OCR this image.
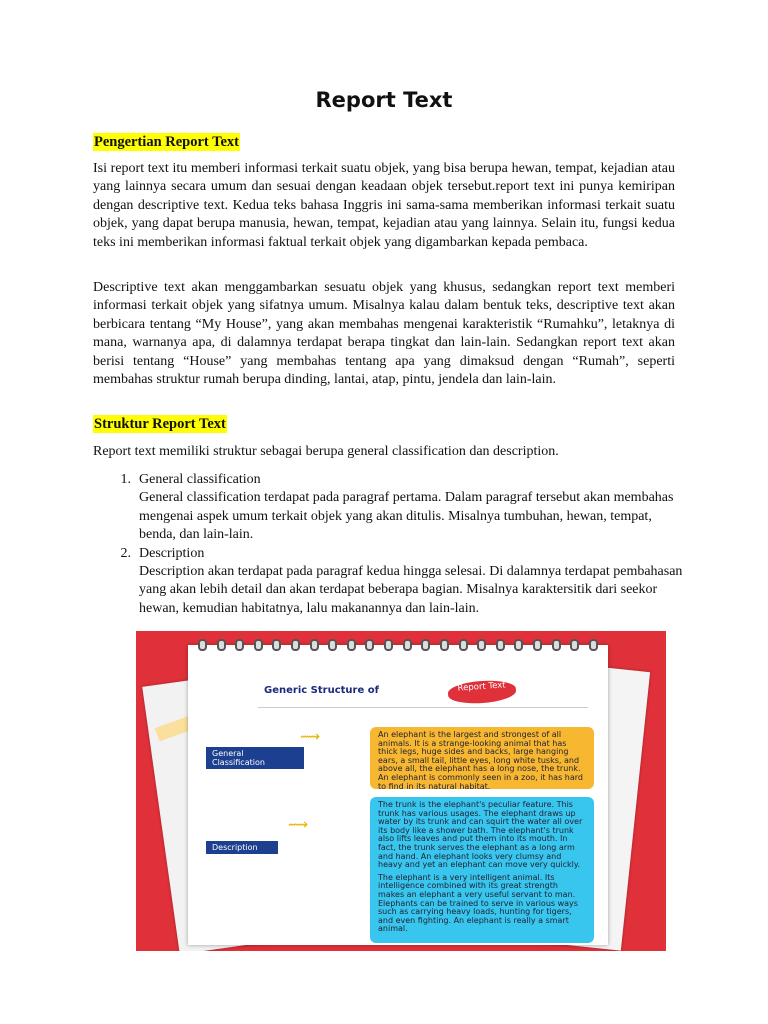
Report Text
Pengertian Report Text

Isi report text itu memberi informasi terkait suatu objek, yang bisa berupa hewan, tempat, kejadian atau yang lainnya secara umum dan sesuai dengan keadaan objek tersebut.report text ini punya kemiripan dengan descriptive text. Kedua teks bahasa Inggris ini sama-sama memberikan informasi terkait suatu objek, yang dapat berupa manusia, hewan, tempat, kejadian atau yang lainnya. Selain itu, fungsi kedua teks ini memberikan informasi faktual terkait objek yang digambarkan kepada pembaca.

Descriptive text akan menggambarkan sesuatu objek yang khusus, sedangkan report text memberi informasi terkait objek yang sifatnya umum. Misalnya kalau dalam bentuk teks, descriptive text akan berbicara tentang “My House”, yang akan membahas mengenai karakteristik “Rumahku”, letaknya di mana, warnanya apa, di dalamnya terdapat berapa tingkat dan lain-lain. Sedangkan report text akan berisi tentang “House” yang membahas tentang apa yang dimaksud dengan “Rumah”, seperti membahas struktur rumah berupa dinding, lantai, atap, pintu, jendela dan lain-lain.

Struktur Report Text

Report text memiliki struktur sebagai berupa general classification dan description.

1. General classification
General classification terdapat pada paragraf pertama. Dalam paragraf tersebut akan membahas mengenai aspek umum terkait objek yang akan ditulis. Misalnya tumbuhan, hewan, tempat, benda, dan lain-lain.
2. Description
Description akan terdapat pada paragraf kedua hingga selesai. Di dalamnya terdapat pembahasan yang akan lebih detail dan akan terdapat beberapa bagian. Misalnya karaktersitik dari seekor hewan, kemudian habitatnya, lalu makanannya dan lain-lain.
Generic Structure of	Report Text
General Classification
⟿
Description
⟿

An elephant is the largest and strongest of all animals. It is a strange-looking animal that has thick legs, huge sides and backs, large hanging ears, a small tail, little eyes, long white tusks, and above all, the elephant has a long nose, the trunk. An elephant is commonly seen in a zoo, it has hard to find in its natural habitat.

The trunk is the elephant's peculiar feature. This trunk has various usages. The elephant draws up water by its trunk and can squirt the water all over its body like a shower bath. The elephant's trunk also lifts leaves and put them into its mouth. In fact, the trunk serves the elephant as a long arm and hand. An elephant looks very clumsy and heavy and yet an elephant can move very quickly.

The elephant is a very intelligent animal. Its intelligence combined with its great strength makes an elephant a very useful servant to man. Elephants can be trained to serve in various ways such as carrying heavy loads, hunting for tigers, and even fighting. An elephant is really a smart animal.
